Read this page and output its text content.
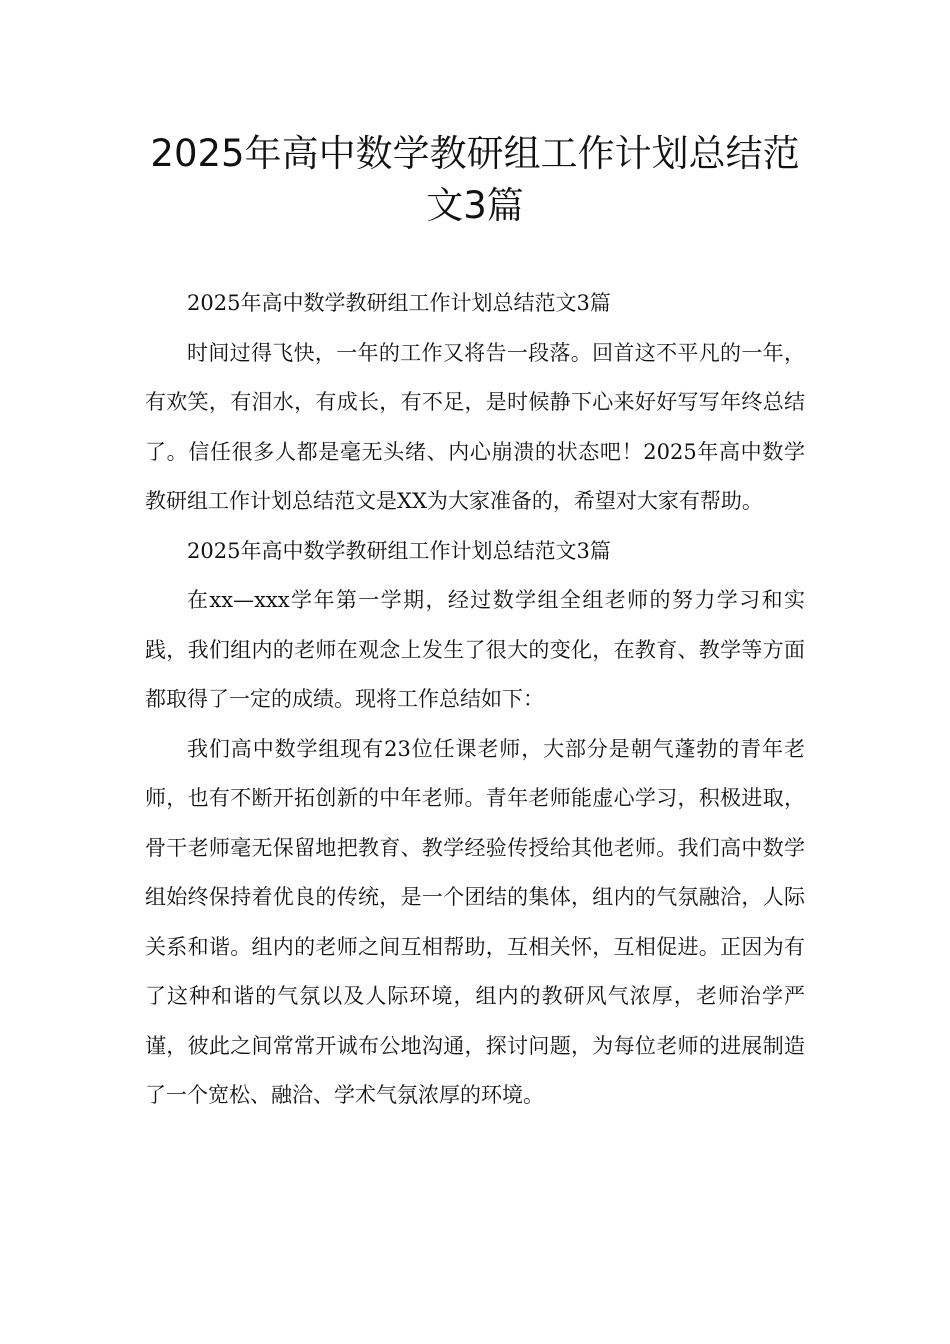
2025年高中数学教研组工作计划总结范文3篇

2025年高中数学教研组工作计划总结范文3篇

时间过得飞快，一年的工作又将告一段落。回首这不平凡的一年，有欢笑，有泪水，有成长，有不足，是时候静下心来好好写写年终总结了。信任很多人都是毫无头绪、内心崩溃的状态吧！2025年高中数学教研组工作计划总结范文是XX为大家准备的，希望对大家有帮助。

2025年高中数学教研组工作计划总结范文3篇

在xx—xxx学年第一学期，经过数学组全组老师的努力学习和实践，我们组内的老师在观念上发生了很大的变化，在教育、教学等方面都取得了一定的成绩。现将工作总结如下：

我们高中数学组现有23位任课老师，大部分是朝气蓬勃的青年老师，也有不断开拓创新的中年老师。青年老师能虚心学习，积极进取，骨干老师毫无保留地把教育、教学经验传授给其他老师。我们高中数学组始终保持着优良的传统，是一个团结的集体，组内的气氛融洽，人际关系和谐。组内的老师之间互相帮助，互相关怀，互相促进。正因为有了这种和谐的气氛以及人际环境，组内的教研风气浓厚，老师治学严谨，彼此之间常常开诚布公地沟通，探讨问题，为每位老师的进展制造了一个宽松、融洽、学术气氛浓厚的环境。
